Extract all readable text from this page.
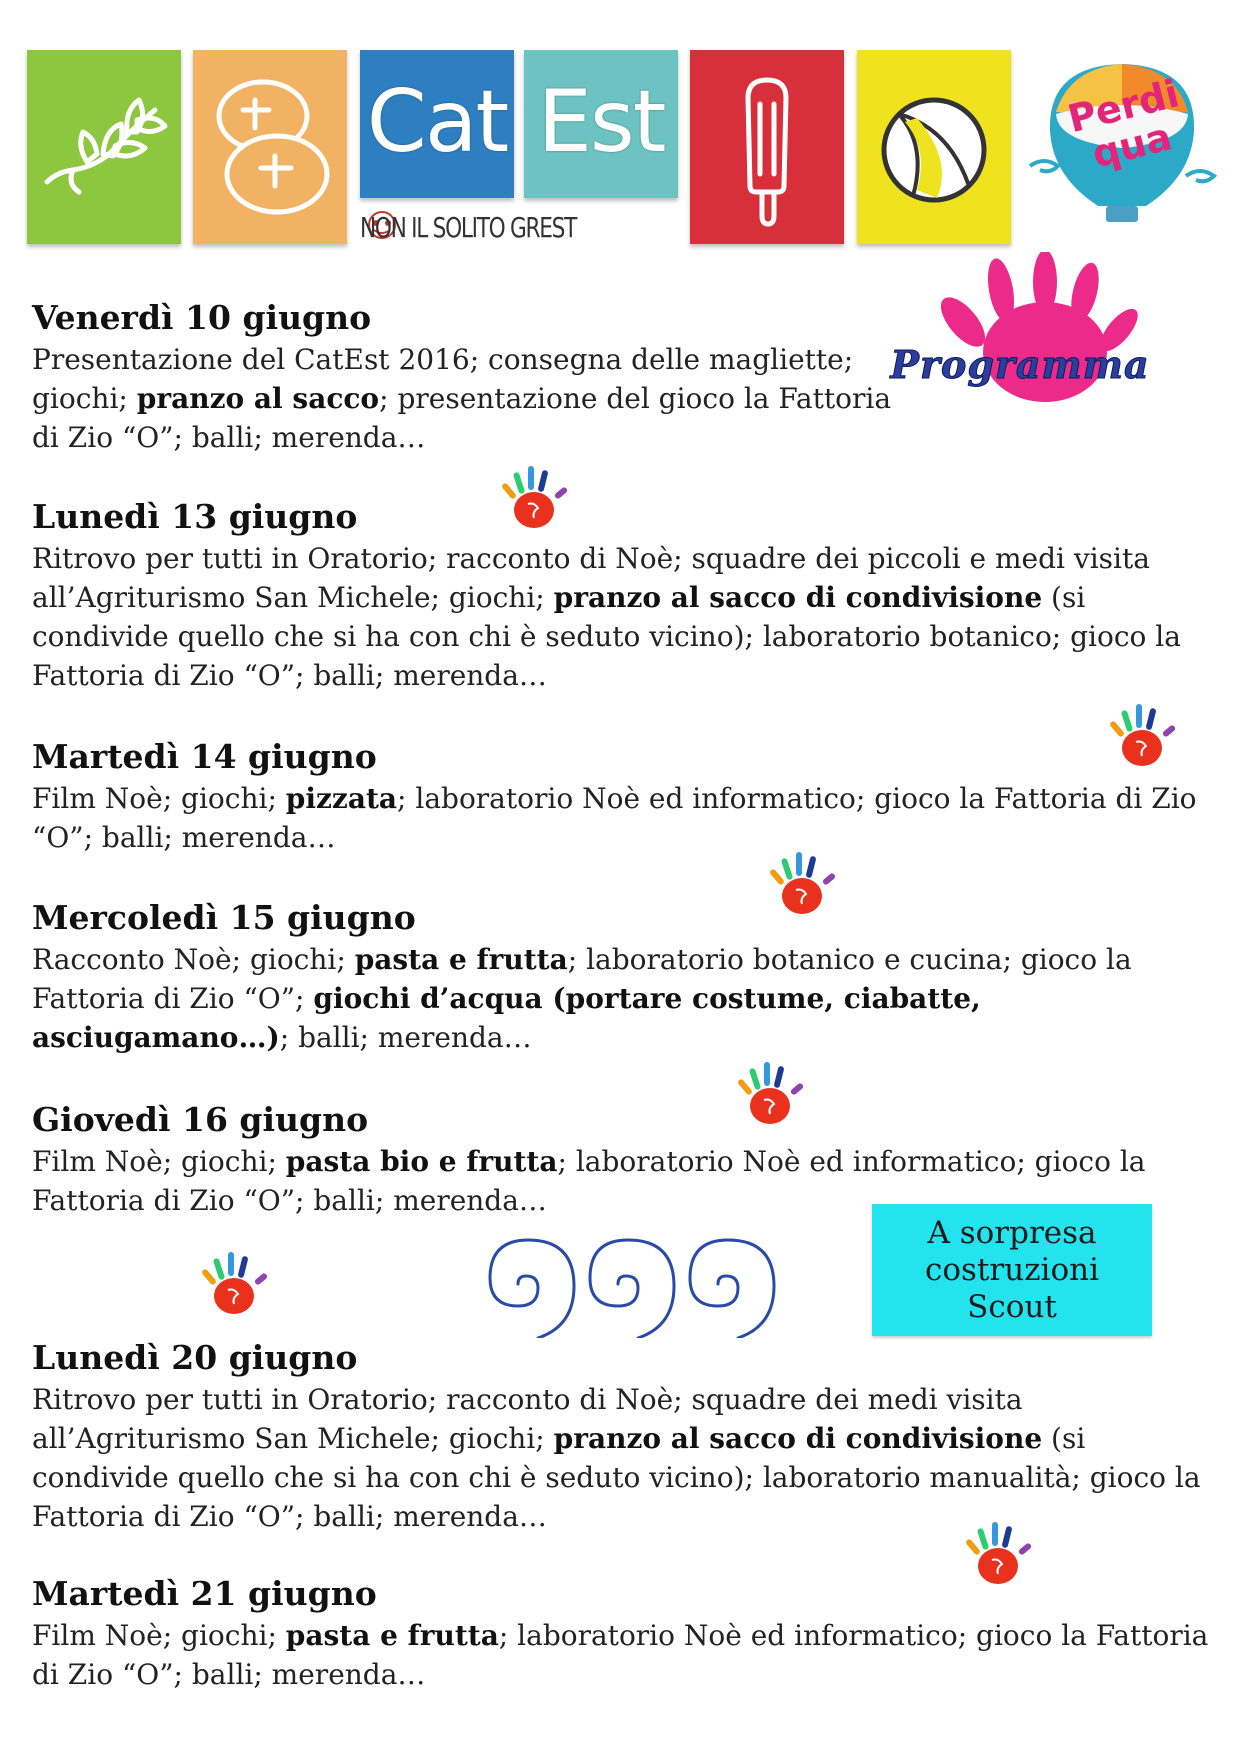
Cat Est
NON IL SOLITO GREST
Perdi qua
Programma
Venerdì 10 giugno

Presentazione del CatEst 2016; consegna delle magliette; giochi; pranzo al sacco; presentazione del gioco la Fattoria di Zio “O”; balli; merenda…

Lunedì 13 giugno

Ritrovo per tutti in Oratorio; racconto di Noè; squadre dei piccoli e medi visita all’Agriturismo San Michele; giochi; pranzo al sacco di condivisione (si condivide quello che si ha con chi è seduto vicino); laboratorio botanico; gioco la Fattoria di Zio “O”; balli; merenda…

Martedì 14 giugno

Film Noè; giochi; pizzata; laboratorio Noè ed informatico; gioco la Fattoria di Zio “O”; balli; merenda…

Mercoledì 15 giugno

Racconto Noè; giochi; pasta e frutta; laboratorio botanico e cucina; gioco la Fattoria di Zio “O”; giochi d’acqua (portare costume, ciabatte, asciugamano…); balli; merenda…

Giovedì 16 giugno

Film Noè; giochi; pasta bio e frutta; laboratorio Noè ed informatico; gioco la Fattoria di Zio “O”; balli; merenda…

Lunedì 20 giugno

Ritrovo per tutti in Oratorio; racconto di Noè; squadre dei medi visita all’Agriturismo San Michele; giochi; pranzo al sacco di condivisione (si condivide quello che si ha con chi è seduto vicino); laboratorio manualità; gioco la Fattoria di Zio “O”; balli; merenda…

Martedì 21 giugno

Film Noè; giochi; pasta e frutta; laboratorio Noè ed informatico; gioco la Fattoria di Zio “O”; balli; merenda…

A sorpresa
costruzioni
Scout
